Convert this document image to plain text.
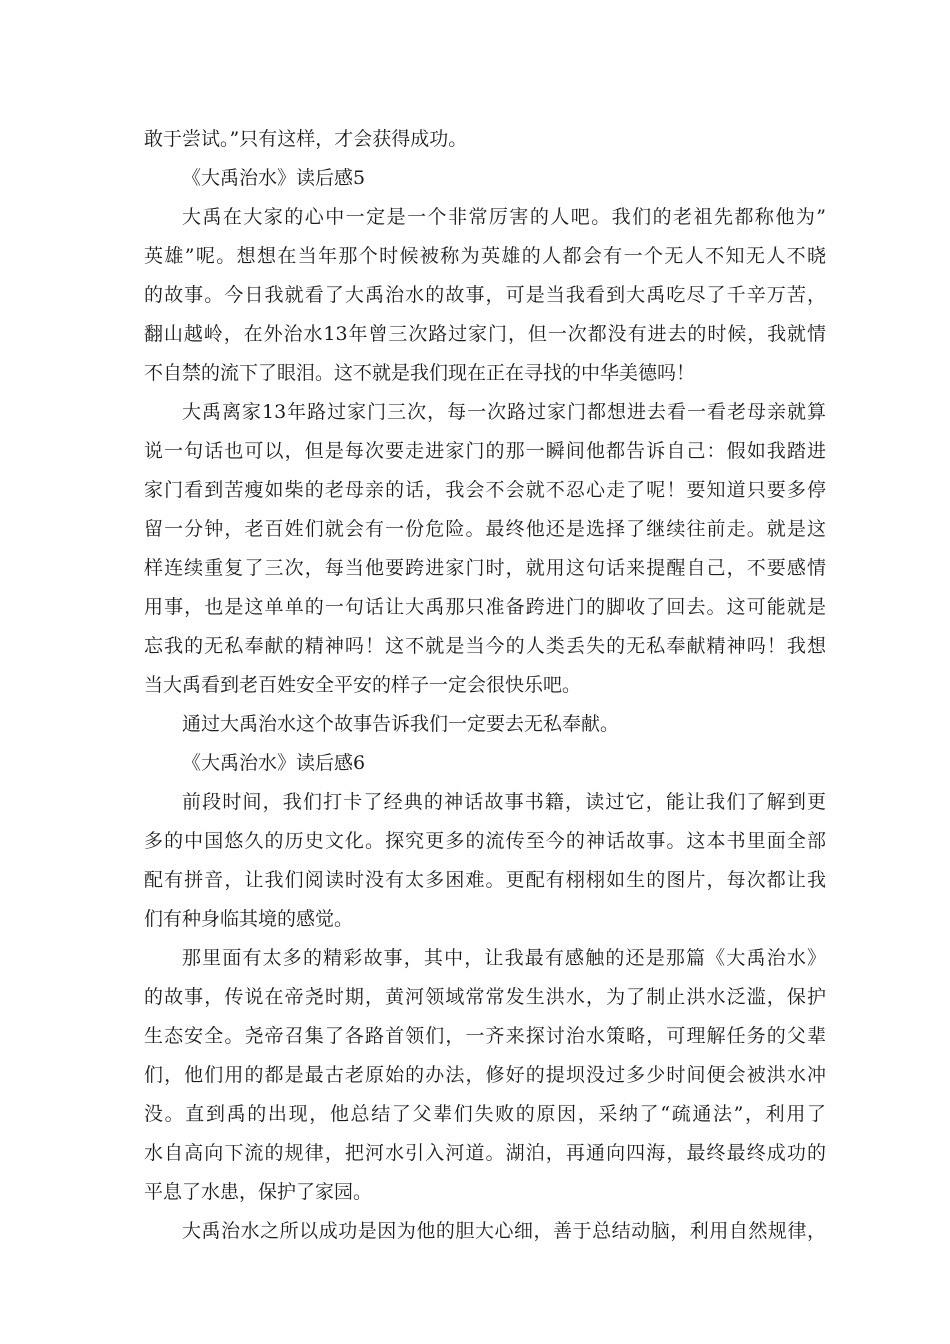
敢于尝试。”只有这样，才会获得成功。
《大禹治水》读后感5
大禹在大家的心中一定是一个非常厉害的人吧。我们的老祖先都称他为”
英雄”呢。想想在当年那个时候被称为英雄的人都会有一个无人不知无人不晓
的故事。今日我就看了大禹治水的故事，可是当我看到大禹吃尽了千辛万苦，
翻山越岭，在外治水13年曾三次路过家门，但一次都没有进去的时候，我就情
不自禁的流下了眼泪。这不就是我们现在正在寻找的中华美德吗！
大禹离家13年路过家门三次，每一次路过家门都想进去看一看老母亲就算
说一句话也可以，但是每次要走进家门的那一瞬间他都告诉自己：假如我踏进
家门看到苦瘦如柴的老母亲的话，我会不会就不忍心走了呢！要知道只要多停
留一分钟，老百姓们就会有一份危险。最终他还是选择了继续往前走。就是这
样连续重复了三次，每当他要跨进家门时，就用这句话来提醒自己，不要感情
用事，也是这单单的一句话让大禹那只准备跨进门的脚收了回去。这可能就是
忘我的无私奉献的精神吗！这不就是当今的人类丢失的无私奉献精神吗！我想
当大禹看到老百姓安全平安的样子一定会很快乐吧。
通过大禹治水这个故事告诉我们一定要去无私奉献。
《大禹治水》读后感6
前段时间，我们打卡了经典的神话故事书籍，读过它，能让我们了解到更
多的中国悠久的历史文化。探究更多的流传至今的神话故事。这本书里面全部
配有拼音，让我们阅读时没有太多困难。更配有栩栩如生的图片，每次都让我
们有种身临其境的感觉。
那里面有太多的精彩故事，其中，让我最有感触的还是那篇《大禹治水》
的故事，传说在帝尧时期，黄河领域常常发生洪水，为了制止洪水泛滥，保护
生态安全。尧帝召集了各路首领们，一齐来探讨治水策略，可理解任务的父辈
们，他们用的都是最古老原始的办法，修好的提坝没过多少时间便会被洪水冲
没。直到禹的出现，他总结了父辈们失败的原因，采纳了“疏通法”，利用了
水自高向下流的规律，把河水引入河道。湖泊，再通向四海，最终最终成功的
平息了水患，保护了家园。
大禹治水之所以成功是因为他的胆大心细，善于总结动脑，利用自然规律，
